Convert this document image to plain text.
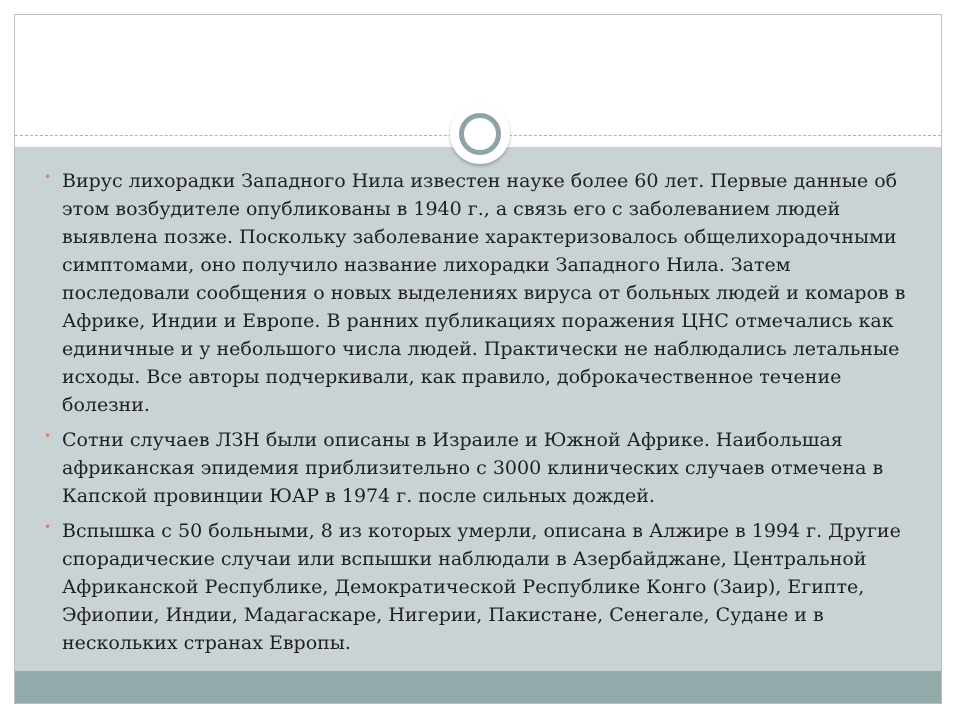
• Вирус лихорадки Западного Нила известен науке более 60 лет. Первые данные об этом возбудителе опубликованы в 1940 г., а связь его с заболеванием людей выявлена позже. Поскольку заболевание характеризовалось общелихорадочными симптомами, оно получило название лихорадки Западного Нила. Затем последовали сообщения о новых выделениях вируса от больных людей и комаров в Африке, Индии и Европе. В ранних публикациях поражения ЦНС отмечались как единичные и у небольшого числа людей. Практически не наблюдались летальные исходы. Все авторы подчеркивали, как правило, доброкачественное течение болезни.
• Сотни случаев ЛЗН были описаны в Израиле и Южной Африке. Наибольшая африканская эпидемия приблизительно с 3000 клинических случаев отмечена в Капской провинции ЮАР в 1974 г. после сильных дождей.
• Вспышка с 50 больными, 8 из которых умерли, описана в Алжире в 1994 г. Другие спорадические случаи или вспышки наблюдали в Азербайджане, Центральной Африканской Республике, Демократической Республике Конго (Заир), Египте, Эфиопии, Индии, Мадагаскаре, Нигерии, Пакистане, Сенегале, Судане и в нескольких странах Европы.
